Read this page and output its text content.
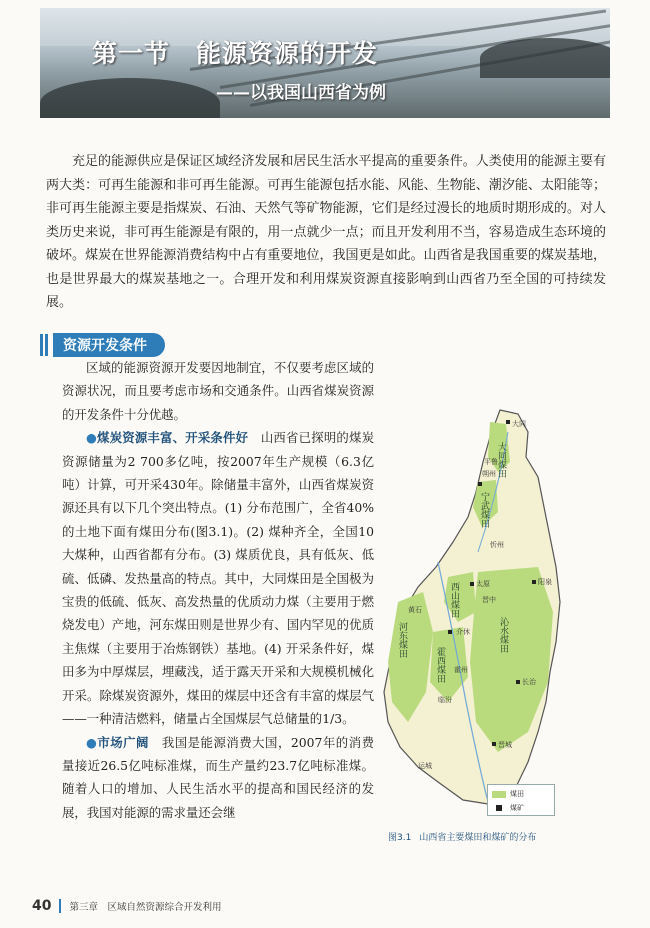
第一节　能源资源的开发
——以我国山西省为例
充足的能源供应是保证区域经济发展和居民生活水平提高的重要条件。人类使用的能源主要有两大类：可再生能源和非可再生能源。可再生能源包括水能、风能、生物能、潮汐能、太阳能等；非可再生能源主要是指煤炭、石油、天然气等矿物能源，它们是经过漫长的地质时期形成的。对人类历史来说，非可再生能源是有限的，用一点就少一点；而且开发利用不当，容易造成生态环境的破坏。煤炭在世界能源消费结构中占有重要地位，我国更是如此。山西省是我国重要的煤炭基地，也是世界最大的煤炭基地之一。合理开发和利用煤炭资源直接影响到山西省乃至全国的可持续发展。
资源开发条件

区域的能源资源开发要因地制宜，不仅要考虑区域的资源状况，而且要考虑市场和交通条件。山西省煤炭资源的开发条件十分优越。

●煤炭资源丰富、开采条件好　山西省已探明的煤炭资源储量为2 700多亿吨，按2007年生产规模（6.3亿吨）计算，可开采430年。除储量丰富外，山西省煤炭资源还具有以下几个突出特点。(1) 分布范围广，全省40%的土地下面有煤田分布(图3.1)。(2) 煤种齐全，全国10大煤种，山西省都有分布。(3) 煤质优良，具有低灰、低硫、低磷、发热量高的特点。其中，大同煤田是全国极为宝贵的低硫、低灰、高发热量的优质动力煤（主要用于燃烧发电）产地，河东煤田则是世界少有、国内罕见的优质主焦煤（主要用于冶炼钢铁）基地。(4) 开采条件好，煤田多为中厚煤层，埋藏浅，适于露天开采和大规模机械化开采。除煤炭资源外，煤田的煤层中还含有丰富的煤层气——一种清洁燃料，储量占全国煤层气总储量的1/3。

●市场广阔　我国是能源消费大国，2007年的消费量接近26.5亿吨标准煤，而生产量约23.7亿吨标准煤。随着人口的增加、人民生活水平的提高和国民经济的发展，我国对能源的需求量还会继

大同煤田
宁武煤田
河东煤田
西山煤田
霍西煤田
沁水煤田
大同
平鲁
朔州
忻州
太原	阳泉
晋中
黄石
介休
霍州
临汾
长治
晋城
运城
煤田
煤矿
图3.1 山西省主要煤田和煤矿的分布
40 第三章　区域自然资源综合开发利用
